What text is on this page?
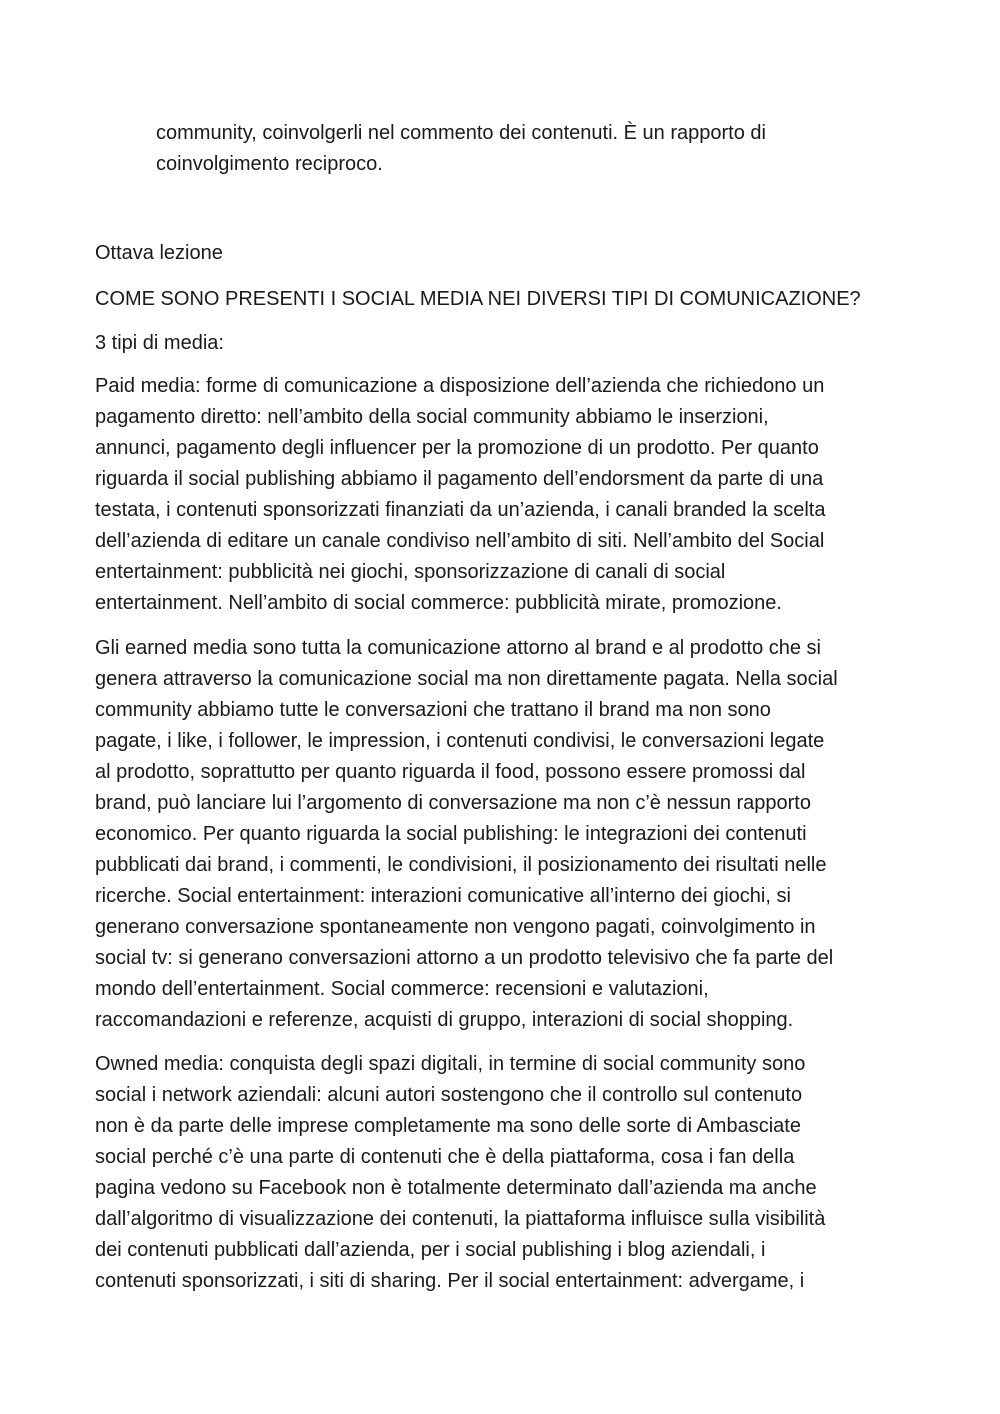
community, coinvolgerli nel commento dei contenuti. È un rapporto di
coinvolgimento reciproco.

Ottava lezione

COME SONO PRESENTI I SOCIAL MEDIA NEI DIVERSI TIPI DI COMUNICAZIONE?

3 tipi di media:

Paid media: forme di comunicazione a disposizione dell’azienda che richiedono un
pagamento diretto: nell’ambito della social community abbiamo le inserzioni,
annunci, pagamento degli influencer per la promozione di un prodotto. Per quanto
riguarda il social publishing abbiamo il pagamento dell’endorsment da parte di una
testata, i contenuti sponsorizzati finanziati da un’azienda, i canali branded la scelta
dell’azienda di editare un canale condiviso nell’ambito di siti. Nell’ambito del Social
entertainment: pubblicità nei giochi, sponsorizzazione di canali di social
entertainment. Nell’ambito di social commerce: pubblicità mirate, promozione.

Gli earned media sono tutta la comunicazione attorno al brand e al prodotto che si
genera attraverso la comunicazione social ma non direttamente pagata. Nella social
community abbiamo tutte le conversazioni che trattano il brand ma non sono
pagate, i like, i follower, le impression, i contenuti condivisi, le conversazioni legate
al prodotto, soprattutto per quanto riguarda il food, possono essere promossi dal
brand, può lanciare lui l’argomento di conversazione ma non c’è nessun rapporto
economico. Per quanto riguarda la social publishing: le integrazioni dei contenuti
pubblicati dai brand, i commenti, le condivisioni, il posizionamento dei risultati nelle
ricerche. Social entertainment: interazioni comunicative all’interno dei giochi, si
generano conversazione spontaneamente non vengono pagati, coinvolgimento in
social tv: si generano conversazioni attorno a un prodotto televisivo che fa parte del
mondo dell’entertainment. Social commerce: recensioni e valutazioni,
raccomandazioni e referenze, acquisti di gruppo, interazioni di social shopping.

Owned media: conquista degli spazi digitali, in termine di social community sono
social i network aziendali: alcuni autori sostengono che il controllo sul contenuto
non è da parte delle imprese completamente ma sono delle sorte di Ambasciate
social perché c’è una parte di contenuti che è della piattaforma, cosa i fan della
pagina vedono su Facebook non è totalmente determinato dall’azienda ma anche
dall’algoritmo di visualizzazione dei contenuti, la piattaforma influisce sulla visibilità
dei contenuti pubblicati dall’azienda, per i social publishing i blog aziendali, i
contenuti sponsorizzati, i siti di sharing. Per il social entertainment: advergame, i
